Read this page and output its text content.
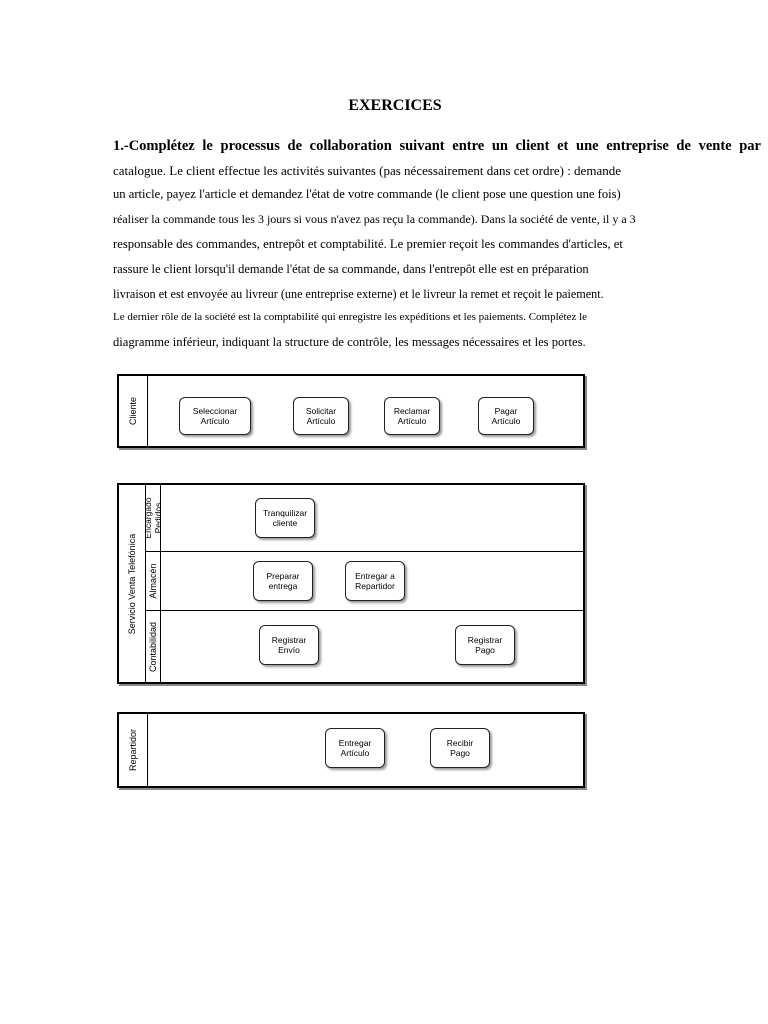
EXERCICES
1.-Complétez le processus de collaboration suivant entre un client et une entreprise de vente par
catalogue. Le client effectue les activités suivantes (pas nécessairement dans cet ordre) : demande
un article, payez l'article et demandez l'état de votre commande (le client pose une question une fois)
réaliser la commande tous les 3 jours si vous n'avez pas reçu la commande). Dans la société de vente, il y a 3
responsable des commandes, entrepôt et comptabilité. Le premier reçoit les commandes d'articles, et
rassure le client lorsqu'il demande l'état de sa commande, dans l'entrepôt elle est en préparation
livraison et est envoyée au livreur (une entreprise externe) et le livreur la remet et reçoit le paiement.
Le dernier rôle de la société est la comptabilité qui enregistre les expéditions et les paiements. Complétez le
diagramme inférieur, indiquant la structure de contrôle, les messages nécessaires et les portes.
Cliente	Seleccionar
Artículo
Solicitar
Artículo
Reclamar
Artículo
Pagar
Artículo
Servicio Venta Telefónica
Encargado
Pedidos	Tranquilizar
cliente
Almacén	Preparar
entrega
Entregar a
Repartidor
Contabilidad	Registrar
Envío
Registrar
Pago
Repartidor	Entregar
Artículo
Recibir
Pago
